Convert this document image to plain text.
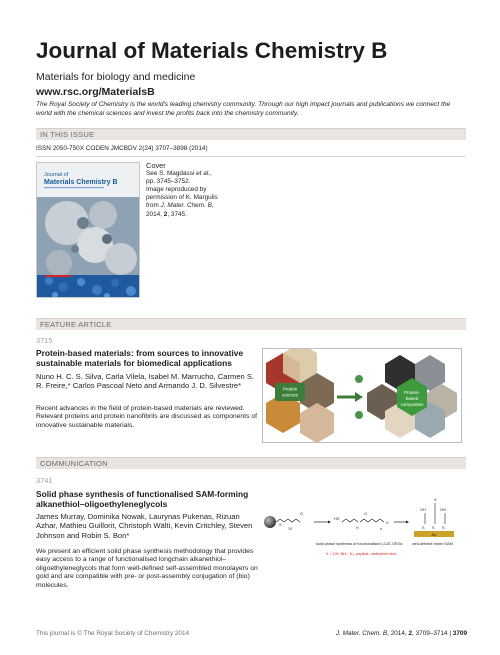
Journal of Materials Chemistry B
Materials for biology and medicine
www.rsc.org/MaterialsB
The Royal Society of Chemistry is the world's leading chemistry community. Through our high impact journals and publications we connect the world with the chemical sciences and invest the profits back into the chemistry community.
IN THIS ISSUE
ISSN 2050-750X CODEN JMCBDV 2(24) 3707–3898 (2014)
Journal of
Materials Chemistry B
Cover
See S. Magdassi et al.,
pp. 3745–3752.
Image reproduced by
permission of K. Margulis
from J. Mater. Chem. B,
2014, 2, 3745.
FEATURE ARTICLE
3715
Protein-based materials: from sources to innovative sustainable materials for biomedical applications
Nuno H. C. S. Silva, Carla Vilela, Isabel M. Marrucho, Carmen S. R. Freire,* Carlos Pascoal Neto and Armando J. D. Silvestre*
Recent advances in the field of protein-based materials are reviewed. Relevant proteins and protein nanofibrils are discussed as components of innovative sustainable materials.
Protein
sources	Protein-
based
composites
COMMUNICATION
3741
Solid phase synthesis of functionalised SAM-forming alkanethiol–oligoethyleneglycols
James Murray, Dominika Nowak, Laurynas Pukenas, Rizuan Azhar, Mathieu Guillorit, Christoph Wälti, Kevin Critchley, Steven Johnson and Robin S. Bon*
We present an efficient solid phase synthesis methodology that provides easy access to a range of functionalised longchain alkanethiol–oligoethyleneglycols that form well-defined self-assembled monolayers on gold and are compatible with pre- or post-assembly conjugation of (bio) molecules.
S
10
O
HS
H
O
n
X
X
OH	OH
S S S
Au
solid phase synthesis of functionalised LCAT-OEGs	well-defined mixed SAM
X = OH, NH₂, N₃, peptide, methylene blue
This journal is © The Royal Society of Chemistry 2014	J. Mater. Chem. B, 2014, 2, 3709–3714 | 3709
